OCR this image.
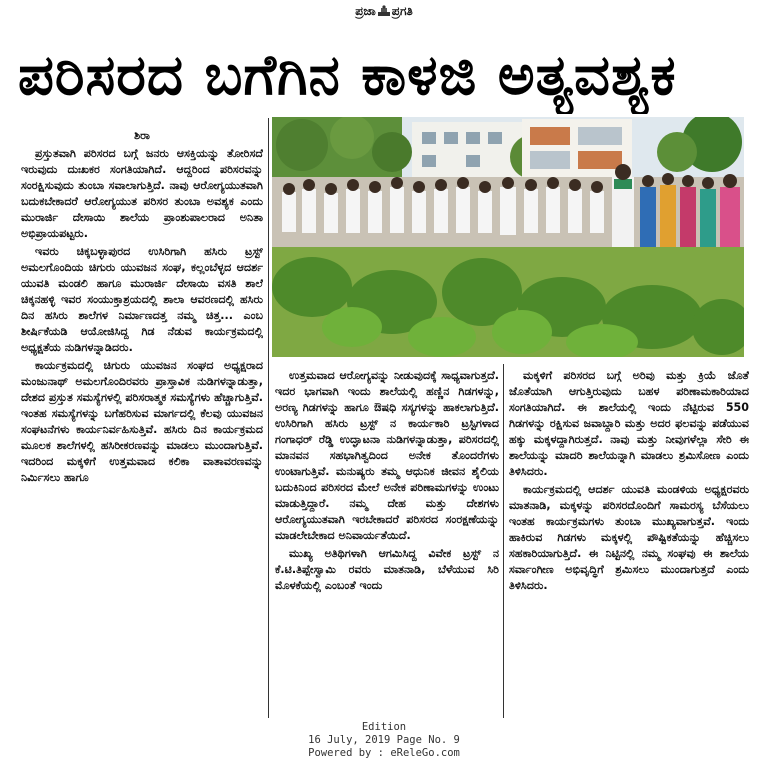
ಪ್ರಜಾ ಪ್ರಗತಿ
ಪರಿಸರದ ಬಗೆಗಿನ ಕಾಳಜಿ ಅತ್ಯವಶ್ಯಕ
ಶಿರಾ

ಪ್ರಸ್ತುತವಾಗಿ ಪರಿಸರದ ಬಗ್ಗೆ ಜನರು ಆಸಕ್ತಿಯನ್ನು ತೋರಿಸದೆ ಇರುವುದು ದುಃಖಕರ ಸಂಗತಿಯಾಗಿದೆ. ಆದ್ದರಿಂದ ಪರಿಸರವನ್ನು ಸಂರಕ್ಷಿಸುವುದು ತುಂಬಾ ಸವಾಲಾಗುತ್ತಿದೆ. ನಾವು ಆರೋಗ್ಯಯುತವಾಗಿ ಬದುಕಬೇಕಾದರೆ ಆರೋಗ್ಯಯುತ ಪರಿಸರ ತುಂಬಾ ಅವಶ್ಯಕ ಎಂದು ಮುರಾರ್ಜಿ ದೇಸಾಯಿ ಶಾಲೆಯ ಪ್ರಾಂಶುಪಾಲರಾದ ಅನಿತಾ ಅಭಿಪ್ರಾಯಪಟ್ಟರು.

ಇವರು ಚಿಕ್ಕಬಳ್ಳಾಪುರದ ಉಸಿರಿಗಾಗಿ ಹಸಿರು ಟ್ರಸ್ಟ್ ಅಮಲಗೊಂದಿಯ ಚಿಗುರು ಯುವಜನ ಸಂಘ, ಕಲ್ಲಂಬೆಳ್ಳದ ಆದರ್ಶ ಯುವತಿ ಮಂಡಲಿ ಹಾಗೂ ಮುರಾರ್ಜಿ ದೇಸಾಯಿ ವಸತಿ ಶಾಲೆ ಚಿಕ್ಕನಹಳ್ಳಿ ಇವರ ಸಂಯುಕ್ತಾಶ್ರಯದಲ್ಲಿ ಶಾಲಾ ಆವರಣದಲ್ಲಿ ಹಸಿರು ದಿನ ಹಸಿರು ಶಾಲೆಗಳ ನಿರ್ಮಾಣದತ್ತ ನಮ್ಮ ಚಿತ್ತ... ಎಂಬ ಶೀರ್ಷಿಕೆಯಡಿ ಆಯೋಜಿಸಿದ್ದ ಗಿಡ ನೆಡುವ ಕಾರ್ಯಕ್ರಮದಲ್ಲಿ ಅಧ್ಯಕ್ಷತೆಯ ನುಡಿಗಳನ್ನಾಡಿದರು.

ಕಾರ್ಯಕ್ರಮದಲ್ಲಿ ಚಿಗುರು ಯುವಜನ ಸಂಘದ ಅಧ್ಯಕ್ಷರಾದ ಮಂಜುನಾಥ್ ಅಮಲಗೊಂದಿರವರು ಪ್ರಾಸ್ತಾವಿಕ ನುಡಿಗಳನ್ನಾಡುತ್ತಾ, ದೇಶದ ಪ್ರಸ್ತುತ ಸಮಸ್ಯೆಗಳಲ್ಲಿ ಪರಿಸರಾತ್ಮಕ ಸಮಸ್ಯೆಗಳು ಹೆಚ್ಚಾಗುತ್ತಿವೆ. ಇಂತಹ ಸಮಸ್ಯೆಗಳನ್ನು ಬಗೆಹರಿಸುವ ಮಾರ್ಗದಲ್ಲಿ ಕೆಲವು ಯುವಜನ ಸಂಘಟನೆಗಳು ಕಾರ್ಯನಿರ್ವಹಿಸುತ್ತಿವೆ. ಹಸಿರು ದಿನ ಕಾರ್ಯಕ್ರಮದ ಮೂಲಕ ಶಾಲೆಗಳಲ್ಲಿ ಹಸಿರೀಕರಣವನ್ನು ಮಾಡಲು ಮುಂದಾಗುತ್ತಿವೆ. ಇದರಿಂದ ಮಕ್ಕಳಿಗೆ ಉತ್ತಮವಾದ ಕಲಿಕಾ ವಾತಾವರಣವನ್ನು ನಿರ್ಮಿಸಲು ಹಾಗೂ

ಉತ್ತಮವಾದ ಆರೋಗ್ಯವನ್ನು ನೀಡುವುದಕ್ಕೆ ಸಾಧ್ಯವಾಗುತ್ತದೆ. ಇದರ ಭಾಗವಾಗಿ ಇಂದು ಶಾಲೆಯಲ್ಲಿ ಹಣ್ಣಿನ ಗಿಡಗಳನ್ನು, ಅರಣ್ಯ ಗಿಡಗಳನ್ನು ಹಾಗೂ ಔಷಧಿ ಸಸ್ಯಗಳನ್ನು ಹಾಕಲಾಗುತ್ತಿದೆ. ಉಸಿರಿಗಾಗಿ ಹಸಿರು ಟ್ರಸ್ಟ್ ನ ಕಾರ್ಯಕಾರಿ ಟ್ರಸ್ಟಿಗಳಾದ ಗಂಗಾಧರ್ ರೆಡ್ಡಿ ಉದ್ಘಾಟನಾ ನುಡಿಗಳನ್ನಾಡುತ್ತಾ, ಪರಿಸರದಲ್ಲಿ ಮಾನವನ ಸಹಭಾಗಿತ್ವದಿಂದ ಅನೇಕ ತೊಂದರೆಗಳು ಉಂಟಾಗುತ್ತಿವೆ. ಮನುಷ್ಯರು ತಮ್ಮ ಆಧುನಿಕ ಜೀವನ ಶೈಲಿಯ ಬದುಕಿನಿಂದ ಪರಿಸರದ ಮೇಲೆ ಅನೇಕ ಪರಿಣಾಮಗಳನ್ನು ಉಂಟು ಮಾಡುತ್ತಿದ್ದಾರೆ. ನಮ್ಮ ದೇಹ ಮತ್ತು ದೇಶಗಳು ಆರೋಗ್ಯಯುತವಾಗಿ ಇರಬೇಕಾದರೆ ಪರಿಸರದ ಸಂರಕ್ಷಣೆಯನ್ನು ಮಾಡಲೇಬೇಕಾದ ಅನಿವಾರ್ಯತೆಯಿದೆ.

ಮುಖ್ಯ ಅತಿಥಿಗಳಾಗಿ ಆಗಮಿಸಿದ್ದ ವಿವೇಕ ಟ್ರಸ್ಟ್ ನ ಕೆ.ಟಿ.ತಿಪ್ಪೇಸ್ವಾಮಿ ರವರು ಮಾತನಾಡಿ, ಬೆಳೆಯುವ ಸಿರಿ ಮೊಳಕೆಯಲ್ಲಿ ಎಂಬಂತೆ ಇಂದು

ಮಕ್ಕಳಿಗೆ ಪರಿಸರದ ಬಗ್ಗೆ ಅರಿವು ಮತ್ತು ಕ್ರಿಯೆ ಜೊತೆ ಜೊತೆಯಾಗಿ ಆಗುತ್ತಿರುವುದು ಬಹಳ ಪರಿಣಾಮಕಾರಿಯಾದ ಸಂಗತಿಯಾಗಿದೆ. ಈ ಶಾಲೆಯಲ್ಲಿ ಇಂದು ನೆಟ್ಟಿರುವ 550 ಗಿಡಗಳನ್ನು ರಕ್ಷಿಸುವ ಜವಾಬ್ದಾರಿ ಮತ್ತು ಅದರ ಫಲವನ್ನು ಪಡೆಯುವ ಹಕ್ಕು ಮಕ್ಕಳದ್ದಾಗಿರುತ್ತದೆ. ನಾವು ಮತ್ತು ನೀವುಗಳೆಲ್ಲಾ ಸೇರಿ ಈ ಶಾಲೆಯನ್ನು ಮಾದರಿ ಶಾಲೆಯನ್ನಾಗಿ ಮಾಡಲು ಶ್ರಮಿಸೋಣ ಎಂದು ತಿಳಿಸಿದರು.

ಕಾರ್ಯಕ್ರಮದಲ್ಲಿ ಆದರ್ಶ ಯುವತಿ ಮಂಡಳಿಯ ಅಧ್ಯಕ್ಷರವರು ಮಾತನಾಡಿ, ಮಕ್ಕಳನ್ನು ಪರಿಸರದೊಂದಿಗೆ ಸಾಮರಸ್ಯ ಬೆಸೆಯಲು ಇಂತಹ ಕಾರ್ಯಕ್ರಮಗಳು ತುಂಬಾ ಮುಖ್ಯವಾಗುತ್ತವೆ. ಇಂದು ಹಾಕಿರುವ ಗಿಡಗಳು ಮಕ್ಕಳಲ್ಲಿ ಪೌಷ್ಟಿಕತೆಯನ್ನು ಹೆಚ್ಚಿಸಲು ಸಹಕಾರಿಯಾಗುತ್ತಿದೆ. ಈ ನಿಟ್ಟಿನಲ್ಲಿ ನಮ್ಮ ಸಂಘವು ಈ ಶಾಲೆಯ ಸರ್ವಾಂಗೀಣ ಅಭಿವೃದ್ಧಿಗೆ ಶ್ರಮಿಸಲು ಮುಂದಾಗುತ್ತದೆ ಎಂದು ತಿಳಿಸಿದರು.

Edition
16 July, 2019 Page No. 9
Powered by : eReleGo.com
